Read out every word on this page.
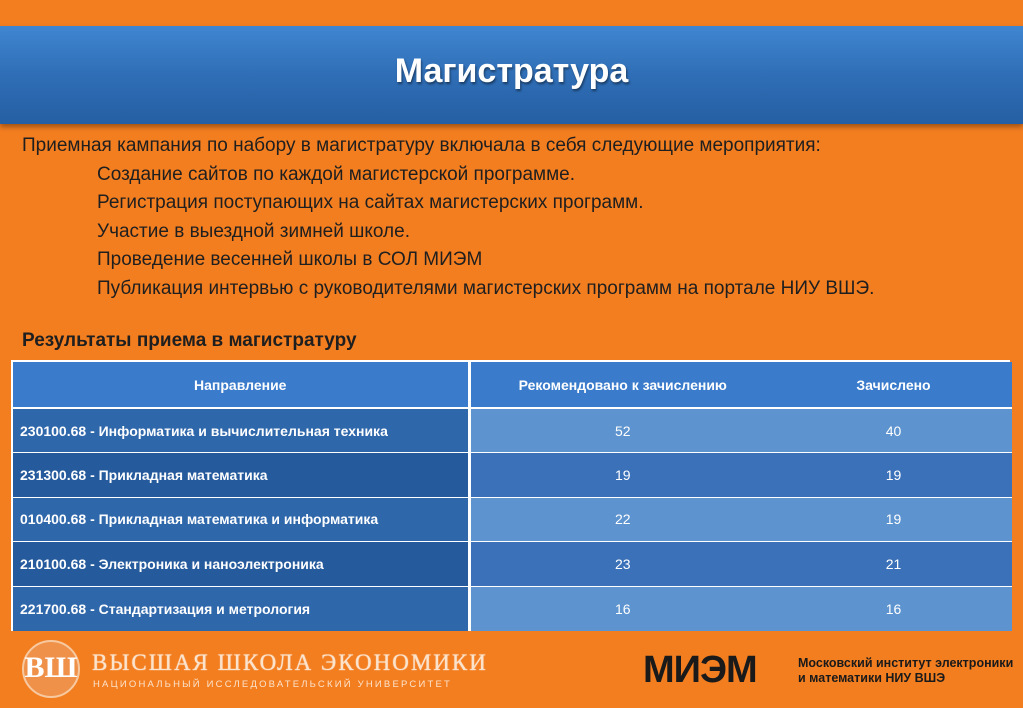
Магистратура

Приемная кампания по набору в магистратуру включала в себя следующие мероприятия:

Создание сайтов по каждой магистерской программе.
Регистрация поступающих на сайтах магистерских программ.
Участие в выездной зимней школе.
Проведение весенней школы в СОЛ МИЭМ
Публикация интервью с руководителями магистерских программ на портале НИУ ВШЭ.
Результаты приема в магистратуру
Направление	Рекомендовано к зачислению	Зачислено
230100.68 - Информатика и вычислительная техника	52	40
231300.68 - Прикладная математика	19	19
010400.68 - Прикладная математика и информатика	22	19
210100.68 - Электроника и наноэлектроника	23	21
221700.68 - Стандартизация и метрология	16	16
ВШ ВЫСШАЯ ШКОЛА ЭКОНОМИКИ
НАЦИОНАЛЬНЫЙ ИССЛЕДОВАТЕЛЬСКИЙ УНИВЕРСИТЕТ	МИЭМ	Московский институт электроники
и математики НИУ ВШЭ
